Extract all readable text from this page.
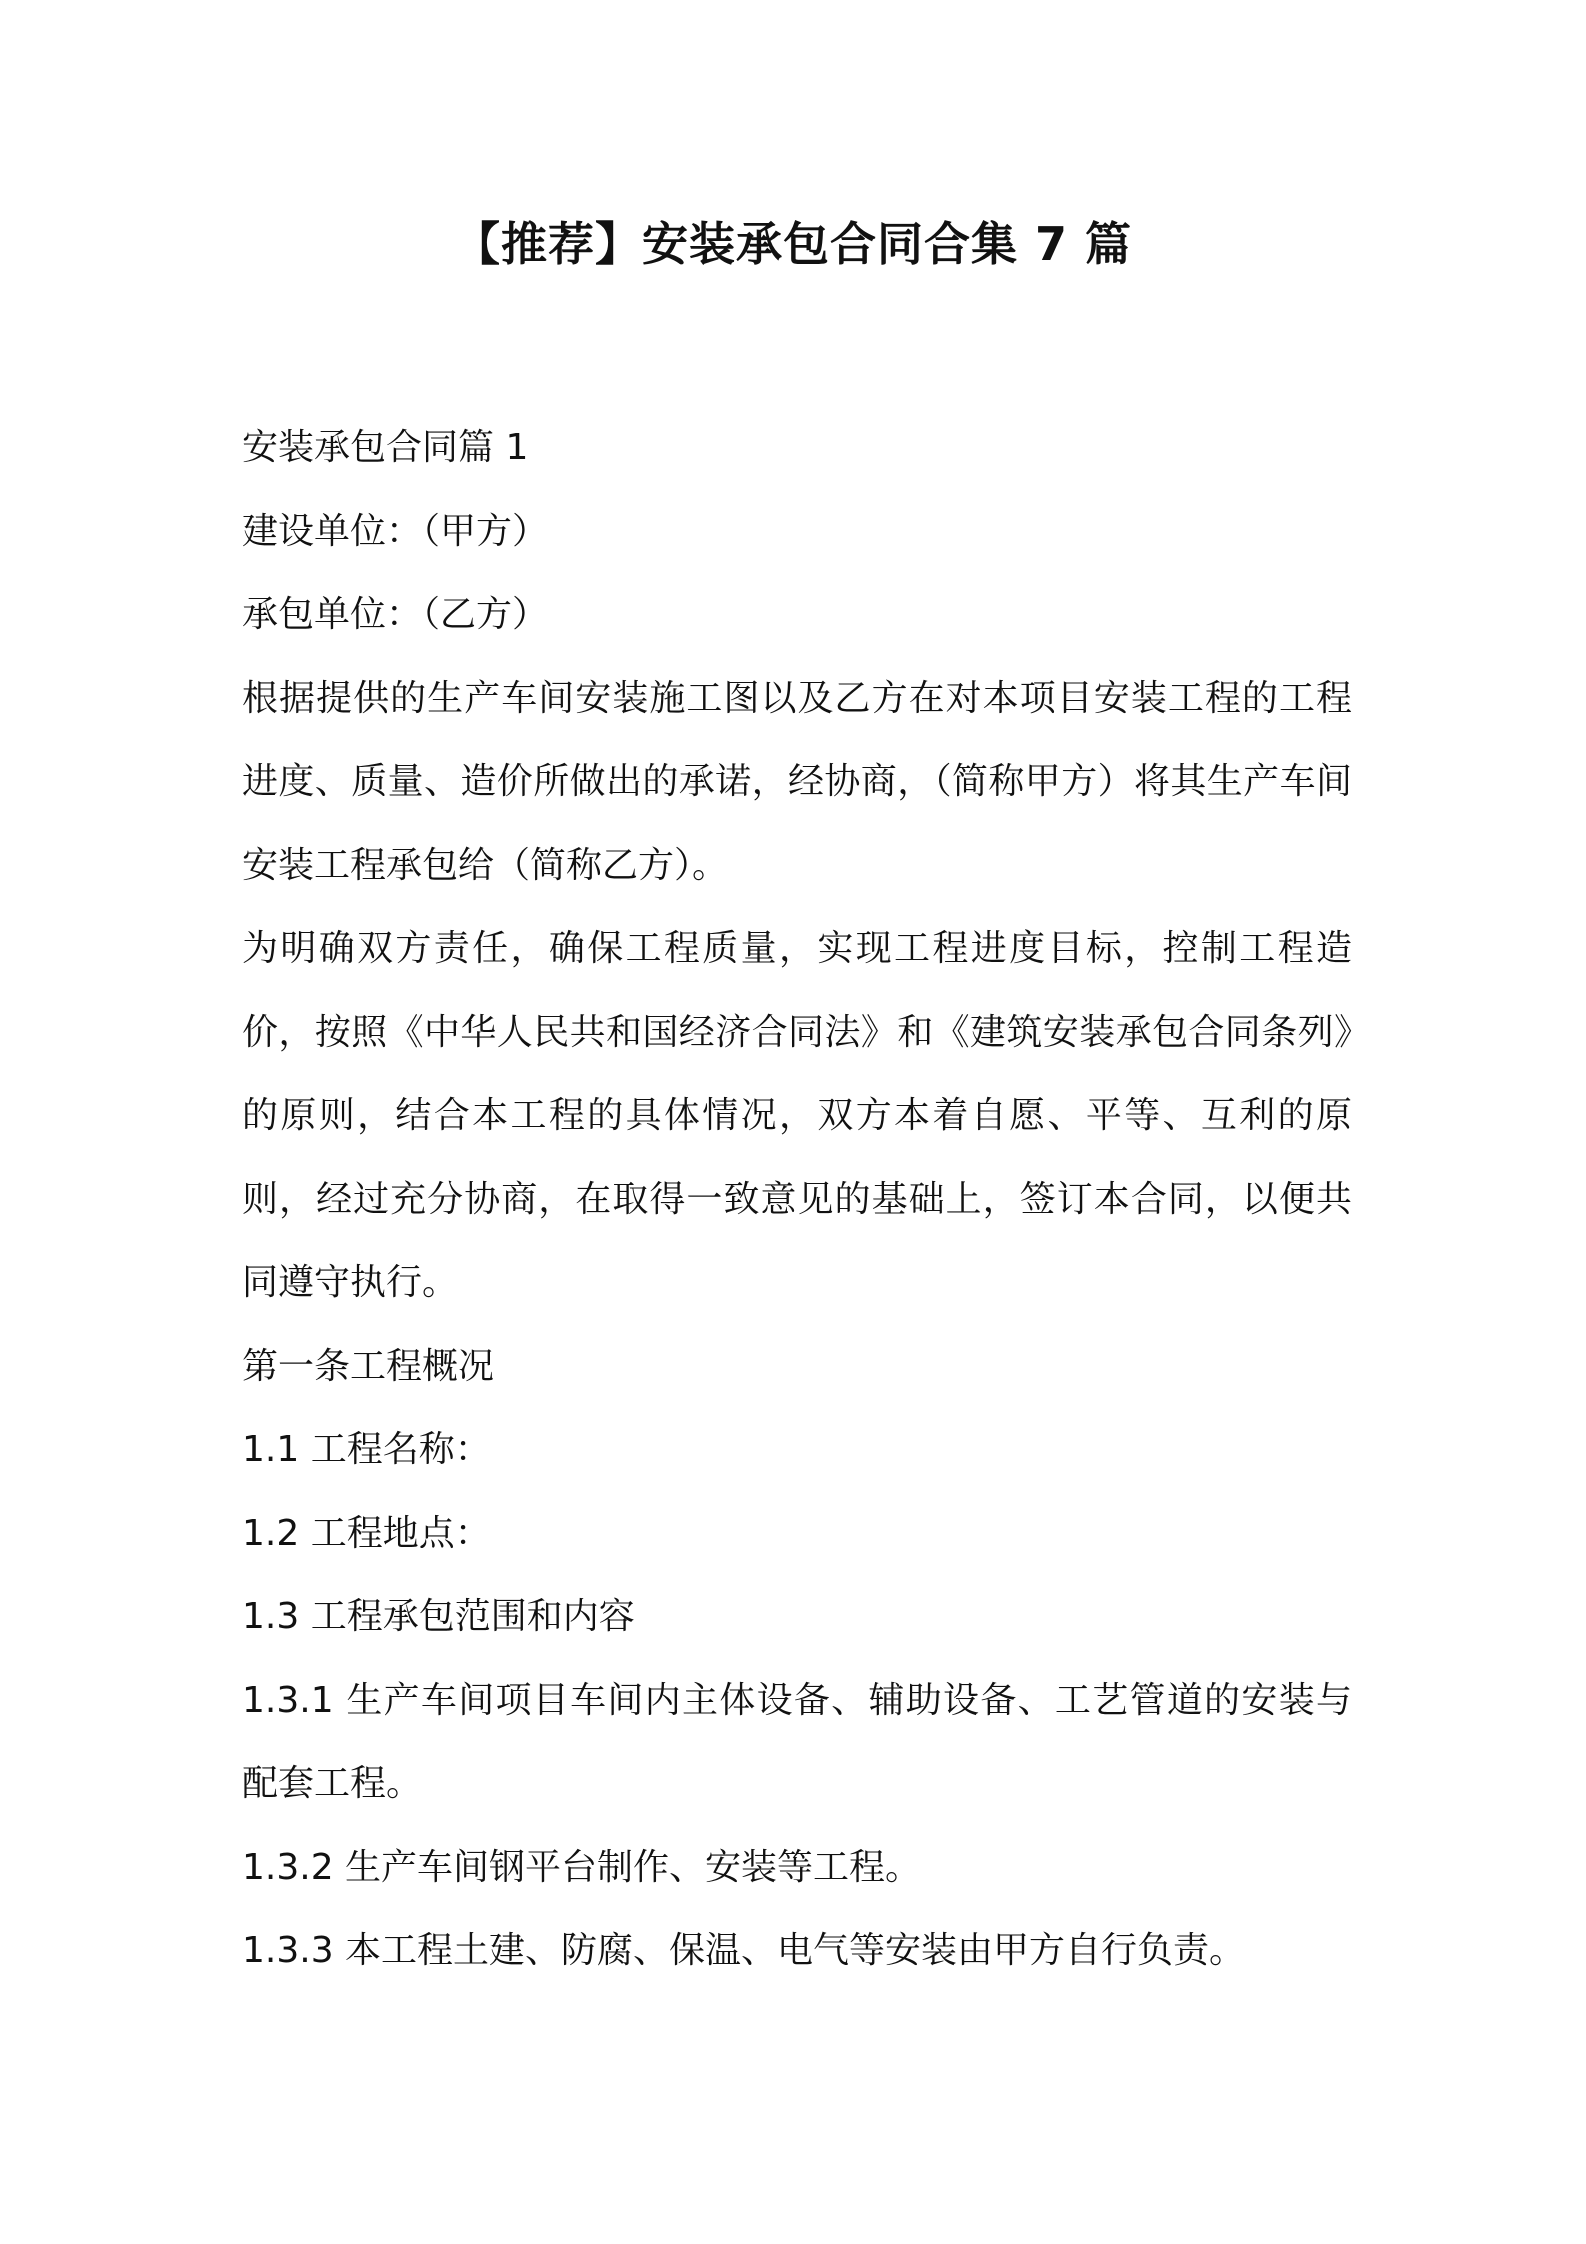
【推荐】安装承包合同合集 7 篇

安装承包合同篇 1

建设单位：（甲方）

承包单位：（乙方）

根据提供的生产车间安装施工图以及乙方在对本项目安装工程的工程进度、质量、造价所做出的承诺，经协商，（简称甲方）将其生产车间安装工程承包给（简称乙方）。

为明确双方责任，确保工程质量，实现工程进度目标，控制工程造价，按照《中华人民共和国经济合同法》和《建筑安装承包合同条列》的原则，结合本工程的具体情况，双方本着自愿、平等、互利的原则，经过充分协商，在取得一致意见的基础上，签订本合同，以便共同遵守执行。

第一条工程概况

1.1 工程名称：

1.2 工程地点：

1.3 工程承包范围和内容

1.3.1 生产车间项目车间内主体设备、辅助设备、工艺管道的安装与配套工程。

1.3.2 生产车间钢平台制作、安装等工程。

1.3.3 本工程土建、防腐、保温、电气等安装由甲方自行负责。
